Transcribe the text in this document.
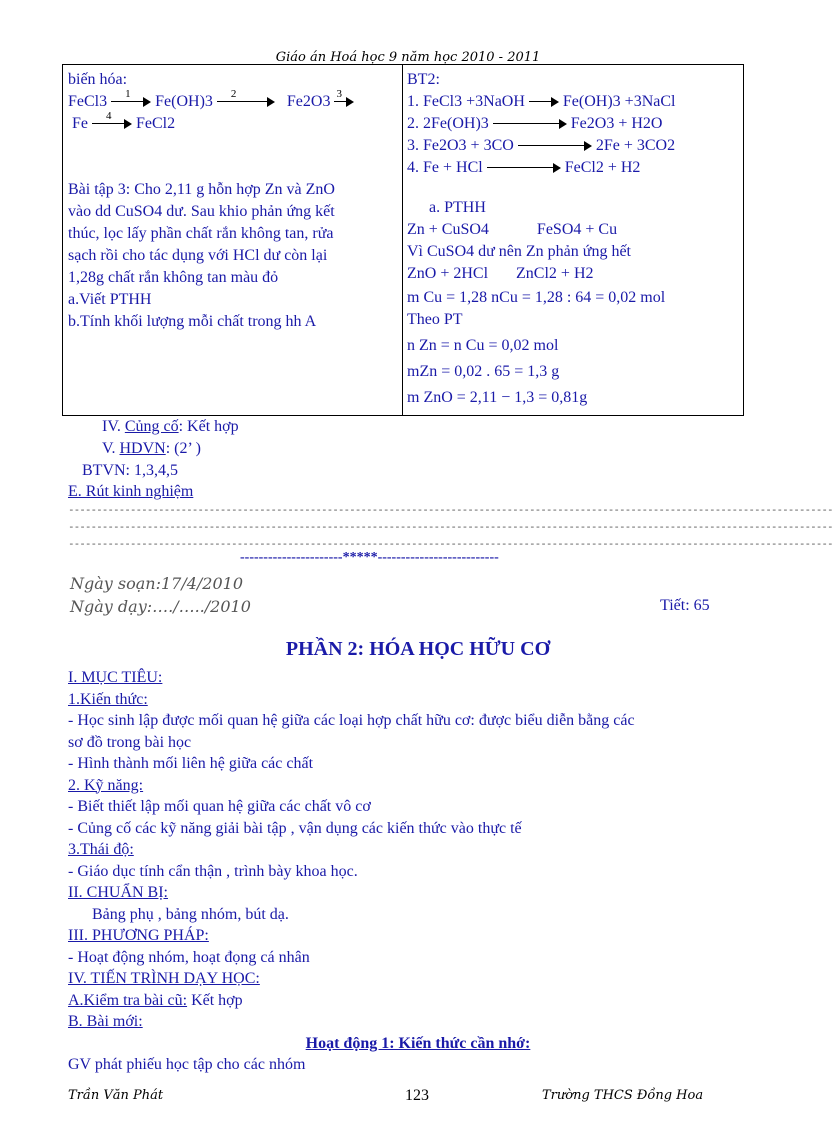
Giáo án Hoá học 9 năm học 2010 - 2011
biến hóa:
FeCl3 1 Fe(OH)3 2	Fe2O3 3
Fe 4 FeCl2
Bài tập 3: Cho 2,11 g hỗn hợp Zn và ZnO
vào dd CuSO4 dư. Sau khio phản ứng kết
thúc, lọc lấy phần chất rắn không tan, rửa
sạch rồi cho tác dụng với HCl dư còn lại
1,28g chất rắn không tan màu đỏ
a.Viết PTHH
b.Tính khối lượng mỗi chất trong hh A
BT2:
1. FeCl3 +3NaOH Fe(OH)3 +3NaCl
2. 2Fe(OH)3	Fe2O3 + H2O
3. Fe2O3 + 3CO	2Fe + 3CO2
4. Fe + HCl	FeCl2 + H2
a. PTHH
Zn + CuSO4	FeSO4 + Cu
Vì CuSO4 dư nên Zn phản ứng hết
ZnO + 2HCl ZnCl2 + H2
m Cu = 1,28 nCu = 1,28 : 64 = 0,02 mol
Theo PT
n Zn = n Cu = 0,02 mol
mZn = 0,02 . 65 = 1,3 g
m ZnO = 2,11 − 1,3 = 0,81g
IV. Củng cố: Kết hợp
V. HDVN: (2’ )
BTVN: 1,3,4,5
E. Rút kinh nghiệm
----------------------------------------------------------------------------------------------------------------------------------------
----------------------------------------------------------------------------------------------------------------------------------------
----------------------------------------------------------------------------------------------------------------------------------------
----------------------*****--------------------------
Ngày soạn:17/4/2010
Ngày dạy:…./…../2010	Tiết: 65
PHẦN 2: HÓA HỌC HỮU CƠ
I. MỤC TIÊU:
1.Kiến thức:
- Học sinh lập được mối quan hệ giữa các loại hợp chất hữu cơ: được biểu diễn bằng các
sơ đồ trong bài học
- Hình thành mối liên hệ giữa các chất
2. Kỹ năng:
- Biết thiết lập mối quan hệ giữa các chất vô cơ
- Củng cố các kỹ năng giải bài tập , vận dụng các kiến thức vào thực tế
3.Thái độ:
- Giáo dục tính cẩn thận , trình bày khoa học.
II. CHUẨN BỊ:
Bảng phụ , bảng nhóm, bút dạ.
III. PHƯƠNG PHÁP:
- Hoạt động nhóm, hoạt đọng cá nhân
IV. TIẾN TRÌNH DẠY HỌC:
A.Kiểm tra bài cũ: Kết hợp
B. Bài mới:
Hoạt động 1: Kiến thức cần nhớ:
GV phát phiếu học tập cho các nhóm
Trần Văn Phát	123	Trường THCS Đồng Hoa
